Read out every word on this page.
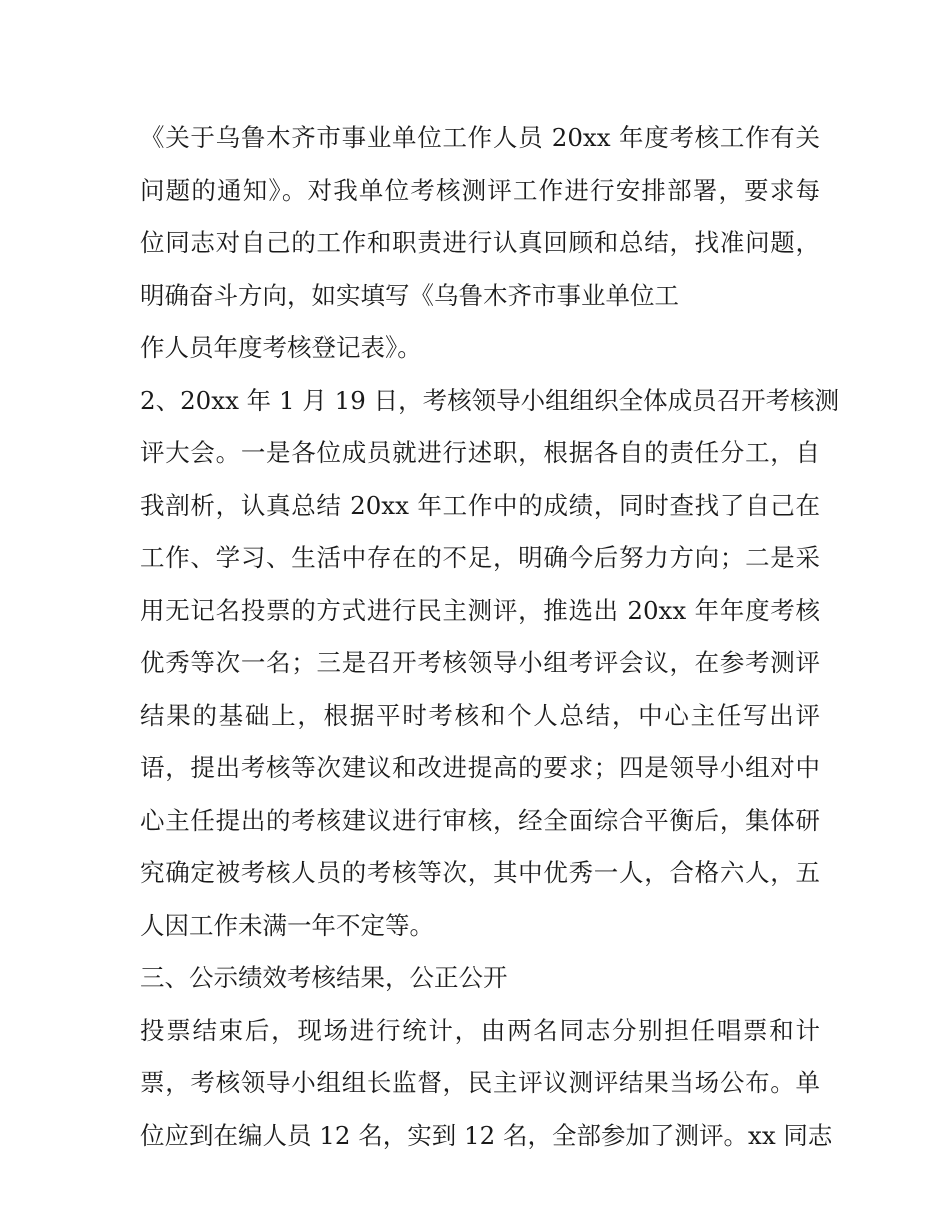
《关于乌鲁木齐市事业单位工作人员 20xx 年度考核工作有关
问题的通知》。对我单位考核测评工作进行安排部署，要求每
位同志对自己的工作和职责进行认真回顾和总结，找准问题，
明确奋斗方向，如实填写《乌鲁木齐市事业单位工
作人员年度考核登记表》。
2、20xx 年 1 月 19 日，考核领导小组组织全体成员召开考核测
评大会。一是各位成员就进行述职，根据各自的责任分工，自
我剖析，认真总结 20xx 年工作中的成绩，同时查找了自己在
工作、学习、生活中存在的不足，明确今后努力方向；二是采
用无记名投票的方式进行民主测评，推选出 20xx 年年度考核
优秀等次一名；三是召开考核领导小组考评会议，在参考测评
结果的基础上，根据平时考核和个人总结，中心主任写出评
语，提出考核等次建议和改进提高的要求；四是领导小组对中
心主任提出的考核建议进行审核，经全面综合平衡后，集体研
究确定被考核人员的考核等次，其中优秀一人，合格六人，五
人因工作未满一年不定等。
三、公示绩效考核结果，公正公开
投票结束后，现场进行统计，由两名同志分别担任唱票和计
票，考核领导小组组长监督，民主评议测评结果当场公布。单
位应到在编人员 12 名，实到 12 名，全部参加了测评。xx 同志
